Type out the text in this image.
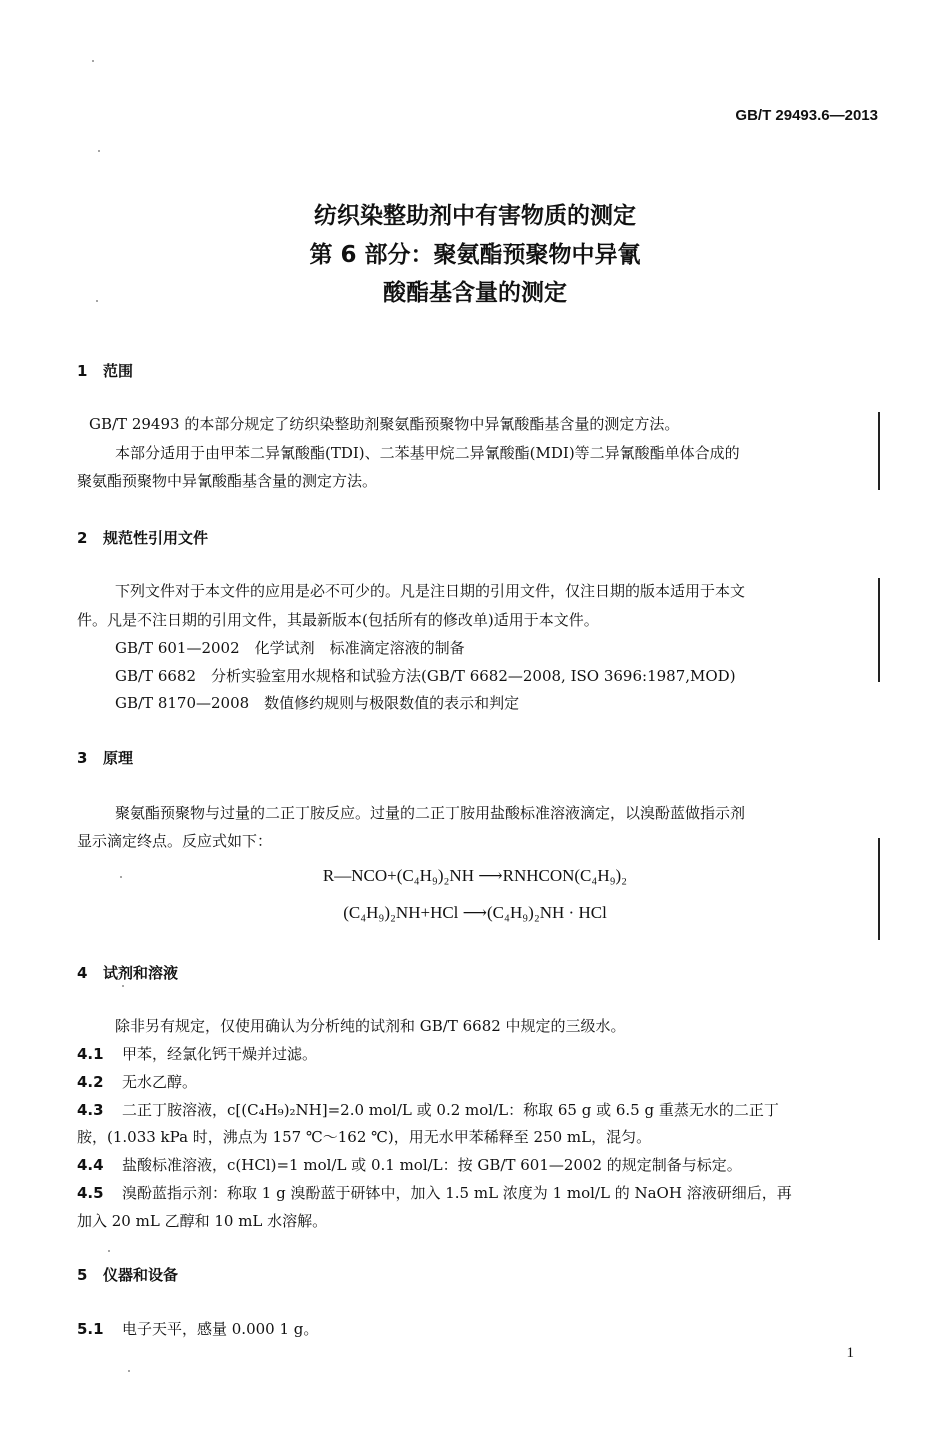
GB/T 29493.6—2013
纺织染整助剂中有害物质的测定
第 6 部分：聚氨酯预聚物中异氰
酸酯基含量的测定
1 范围
GB/T 29493 的本部分规定了纺织染整助剂聚氨酯预聚物中异氰酸酯基含量的测定方法。
本部分适用于由甲苯二异氰酸酯(TDI)、二苯基甲烷二异氰酸酯(MDI)等二异氰酸酯单体合成的
聚氨酯预聚物中异氰酸酯基含量的测定方法。
2 规范性引用文件
下列文件对于本文件的应用是必不可少的。凡是注日期的引用文件，仅注日期的版本适用于本文
件。凡是不注日期的引用文件，其最新版本(包括所有的修改单)适用于本文件。
GB/T 601—2002　化学试剂　标准滴定溶液的制备
GB/T 6682　分析实验室用水规格和试验方法(GB/T 6682—2008, ISO 3696:1987,MOD)
GB/T 8170—2008　数值修约规则与极限数值的表示和判定
3 原理
聚氨酯预聚物与过量的二正丁胺反应。过量的二正丁胺用盐酸标准溶液滴定，以溴酚蓝做指示剂
显示滴定终点。反应式如下：
R—NCO+(C₄H₉)₂NH ⟶RNHCON(C₄H₉)₂
(C₄H₉)₂NH+HCl ⟶(C₄H₉)₂NH · HCl
4 试剂和溶液
除非另有规定，仅使用确认为分析纯的试剂和 GB/T 6682 中规定的三级水。
4.1 甲苯，经氯化钙干燥并过滤。
4.2 无水乙醇。
4.3 二正丁胺溶液，c[(C₄H₉)₂NH]=2.0 mol/L 或 0.2 mol/L：称取 65 g 或 6.5 g 重蒸无水的二正丁
胺，(1.033 kPa 时，沸点为 157 ℃～162 ℃)，用无水甲苯稀释至 250 mL，混匀。
4.4 盐酸标准溶液，c(HCl)=1 mol/L 或 0.1 mol/L：按 GB/T 601—2002 的规定制备与标定。
4.5 溴酚蓝指示剂：称取 1 g 溴酚蓝于研钵中，加入 1.5 mL 浓度为 1 mol/L 的 NaOH 溶液研细后，再
加入 20 mL 乙醇和 10 mL 水溶解。
5 仪器和设备
5.1 电子天平，感量 0.000 1 g。
1
